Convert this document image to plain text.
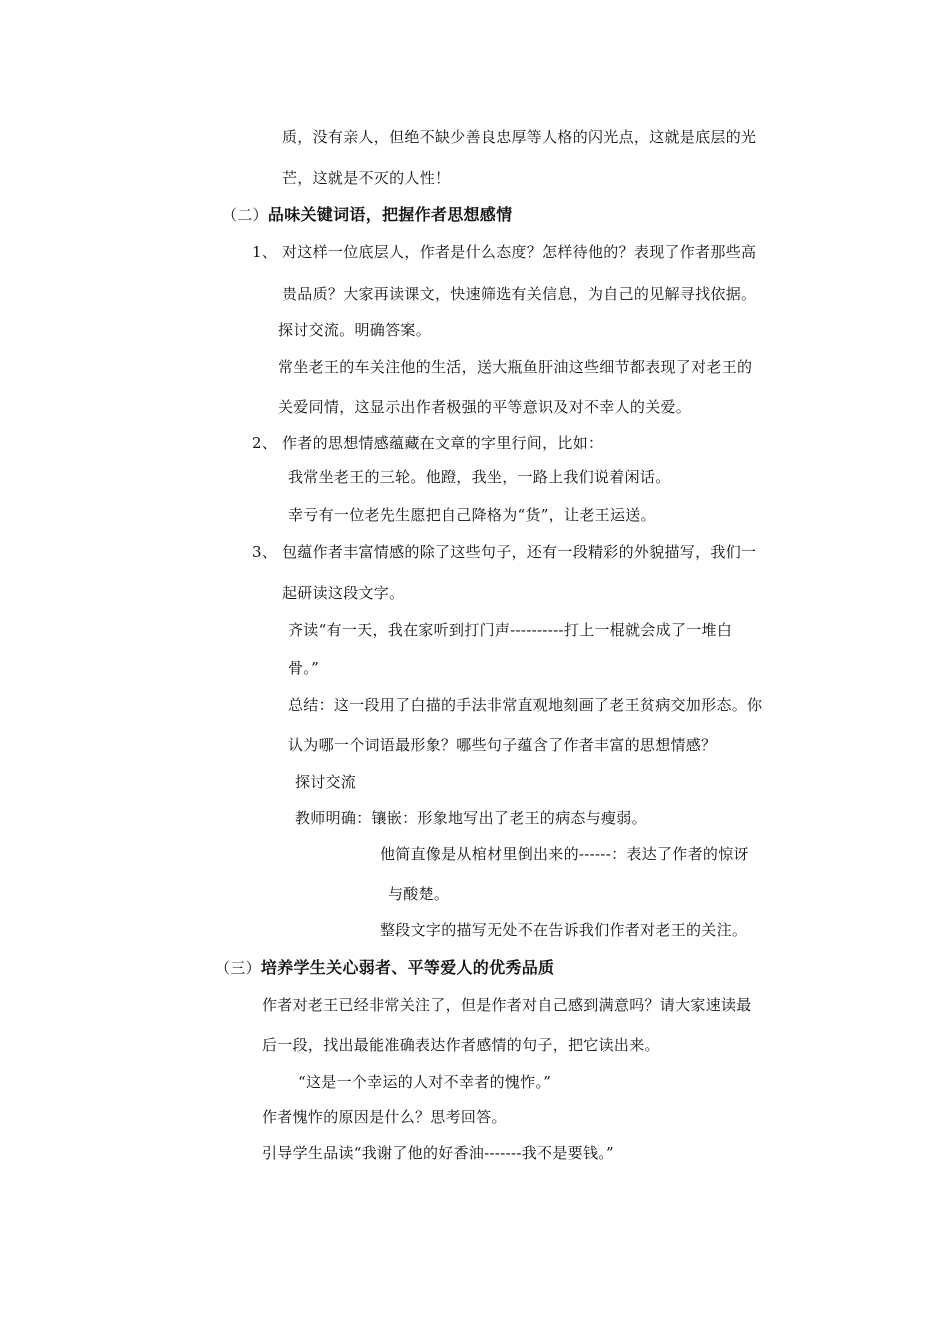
质，没有亲人，但绝不缺少善良忠厚等人格的闪光点，这就是底层的光
芒，这就是不灭的人性！
（二）品味关键词语，把握作者思想感情
1、 对这样一位底层人，作者是什么态度？怎样待他的？表现了作者那些高
贵品质？大家再读课文，快速筛选有关信息，为自己的见解寻找依据。
探讨交流。明确答案。
常坐老王的车关注他的生活，送大瓶鱼肝油这些细节都表现了对老王的
关爱同情，这显示出作者极强的平等意识及对不幸人的关爱。
2、 作者的思想情感蕴藏在文章的字里行间，比如：
我常坐老王的三轮。他蹬，我坐，一路上我们说着闲话。
幸亏有一位老先生愿把自己降格为“货”，让老王运送。
3、 包蕴作者丰富情感的除了这些句子，还有一段精彩的外貌描写，我们一
起研读这段文字。
齐读“有一天，我在家听到打门声----------打上一棍就会成了一堆白
骨。”
总结：这一段用了白描的手法非常直观地刻画了老王贫病交加形态。你
认为哪一个词语最形象？哪些句子蕴含了作者丰富的思想情感？
探讨交流
教师明确：镶嵌：形象地写出了老王的病态与瘦弱。
他简直像是从棺材里倒出来的------：表达了作者的惊讶
与酸楚。
整段文字的描写无处不在告诉我们作者对老王的关注。
（三）培养学生关心弱者、平等爱人的优秀品质
作者对老王已经非常关注了，但是作者对自己感到满意吗？请大家速读最
后一段，找出最能准确表达作者感情的句子，把它读出来。
“这是一个幸运的人对不幸者的愧怍。”
作者愧怍的原因是什么？思考回答。
引导学生品读“我谢了他的好香油-------我不是要钱。”
